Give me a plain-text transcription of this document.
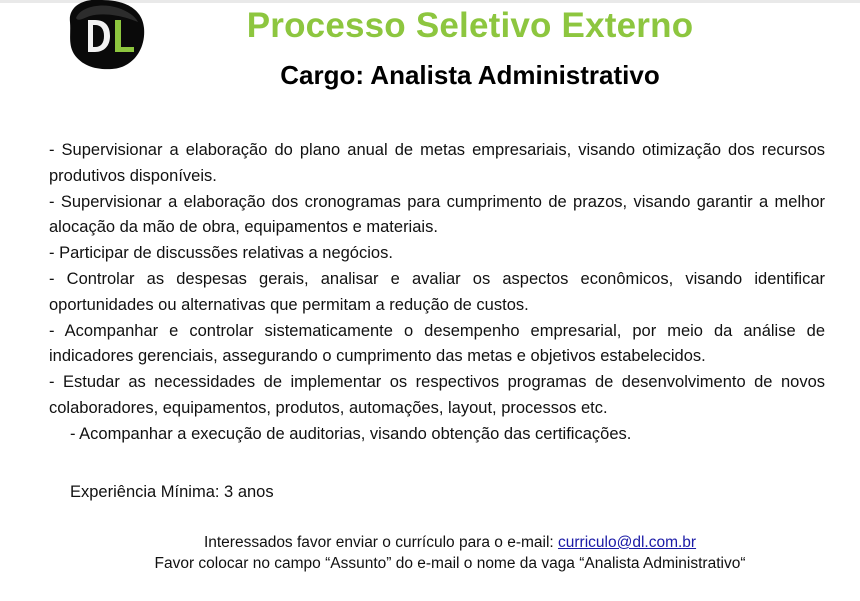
Processo Seletivo Externo
Cargo: Analista Administrativo

- Supervisionar a elaboração do plano anual de metas empresariais, visando otimização dos recursos produtivos disponíveis.

- Supervisionar a elaboração dos cronogramas para cumprimento de prazos, visando garantir a melhor alocação da mão de obra, equipamentos e materiais.

- Participar de discussões relativas a negócios.

- Controlar as despesas gerais, analisar e avaliar os aspectos econômicos, visando identificar oportunidades ou alternativas que permitam a redução de custos.

- Acompanhar e controlar sistematicamente o desempenho empresarial, por meio da análise de indicadores gerenciais, assegurando o cumprimento das metas e objetivos estabelecidos.

- Estudar as necessidades de implementar os respectivos programas de desenvolvimento de novos colaboradores, equipamentos, produtos, automações, layout, processos etc.

- Acompanhar a execução de auditorias, visando obtenção das certificações.

Experiência Mínima: 3 anos
Interessados favor enviar o currículo para o e-mail: curriculo@dl.com.br
Favor colocar no campo “Assunto” do e-mail o nome da vaga “Analista Administrativo“
